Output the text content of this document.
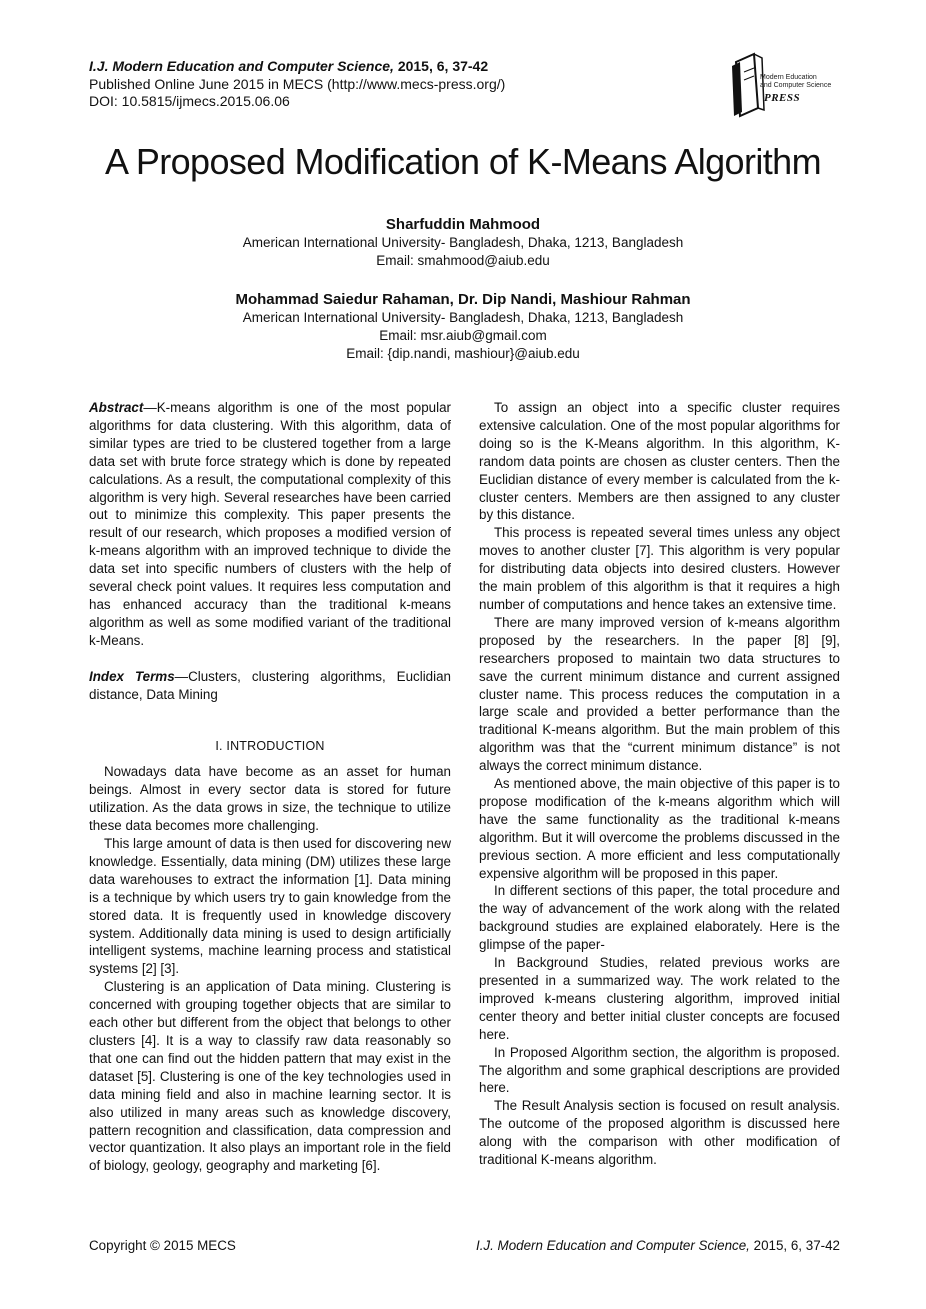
I.J. Modern Education and Computer Science, 2015, 6, 37-42
Published Online June 2015 in MECS (http://www.mecs-press.org/)
DOI: 10.5815/ijmecs.2015.06.06
Modern Education
and Computer Science
PRESS
A Proposed Modification of K-Means Algorithm
Sharfuddin Mahmood
American International University- Bangladesh, Dhaka, 1213, Bangladesh
Email: smahmood@aiub.edu
Mohammad Saiedur Rahaman, Dr. Dip Nandi, Mashiour Rahman
American International University- Bangladesh, Dhaka, 1213, Bangladesh
Email: msr.aiub@gmail.com
Email: {dip.nandi, mashiour}@aiub.edu

Abstract—K-means algorithm is one of the most popular algorithms for data clustering. With this algorithm, data of similar types are tried to be clustered together from a large data set with brute force strategy which is done by repeated calculations. As a result, the computational complexity of this algorithm is very high. Several researches have been carried out to minimize this complexity. This paper presents the result of our research, which proposes a modified version of k-means algorithm with an improved technique to divide the data set into specific numbers of clusters with the help of several check point values. It requires less computation and has enhanced accuracy than the traditional k-means algorithm as well as some modified variant of the traditional k-Means.

Index Terms—Clusters, clustering algorithms, Euclidian distance, Data Mining

I. INTRODUCTION

Nowadays data have become as an asset for human beings. Almost in every sector data is stored for future utilization. As the data grows in size, the technique to utilize these data becomes more challenging.

This large amount of data is then used for discovering new knowledge. Essentially, data mining (DM) utilizes these large data warehouses to extract the information [1]. Data mining is a technique by which users try to gain knowledge from the stored data. It is frequently used in knowledge discovery system. Additionally data mining is used to design artificially intelligent systems, machine learning process and statistical systems [2] [3].

Clustering is an application of Data mining. Clustering is concerned with grouping together objects that are similar to each other but different from the object that belongs to other clusters [4]. It is a way to classify raw data reasonably so that one can find out the hidden pattern that may exist in the dataset [5]. Clustering is one of the key technologies used in data mining field and also in machine learning sector. It is also utilized in many areas such as knowledge discovery, pattern recognition and classification, data compression and vector quantization. It also plays an important role in the field of biology, geology, geography and marketing [6].

To assign an object into a specific cluster requires extensive calculation. One of the most popular algorithms for doing so is the K-Means algorithm. In this algorithm, K-random data points are chosen as cluster centers. Then the Euclidian distance of every member is calculated from the k-cluster centers. Members are then assigned to any cluster by this distance.

This process is repeated several times unless any object moves to another cluster [7]. This algorithm is very popular for distributing data objects into desired clusters. However the main problem of this algorithm is that it requires a high number of computations and hence takes an extensive time.

There are many improved version of k-means algorithm proposed by the researchers. In the paper [8] [9], researchers proposed to maintain two data structures to save the current minimum distance and current assigned cluster name. This process reduces the computation in a large scale and provided a better performance than the traditional K-means algorithm. But the main problem of this algorithm was that the “current minimum distance” is not always the correct minimum distance.

As mentioned above, the main objective of this paper is to propose modification of the k-means algorithm which will have the same functionality as the traditional k-means algorithm. But it will overcome the problems discussed in the previous section. A more efficient and less computationally expensive algorithm will be proposed in this paper.

In different sections of this paper, the total procedure and the way of advancement of the work along with the related background studies are explained elaborately. Here is the glimpse of the paper-

In Background Studies, related previous works are presented in a summarized way. The work related to the improved k-means clustering algorithm, improved initial center theory and better initial cluster concepts are focused here.

In Proposed Algorithm section, the algorithm is proposed. The algorithm and some graphical descriptions are provided here.

The Result Analysis section is focused on result analysis. The outcome of the proposed algorithm is discussed here along with the comparison with other modification of traditional K-means algorithm.

Copyright © 2015 MECS	I.J. Modern Education and Computer Science, 2015, 6, 37-42
